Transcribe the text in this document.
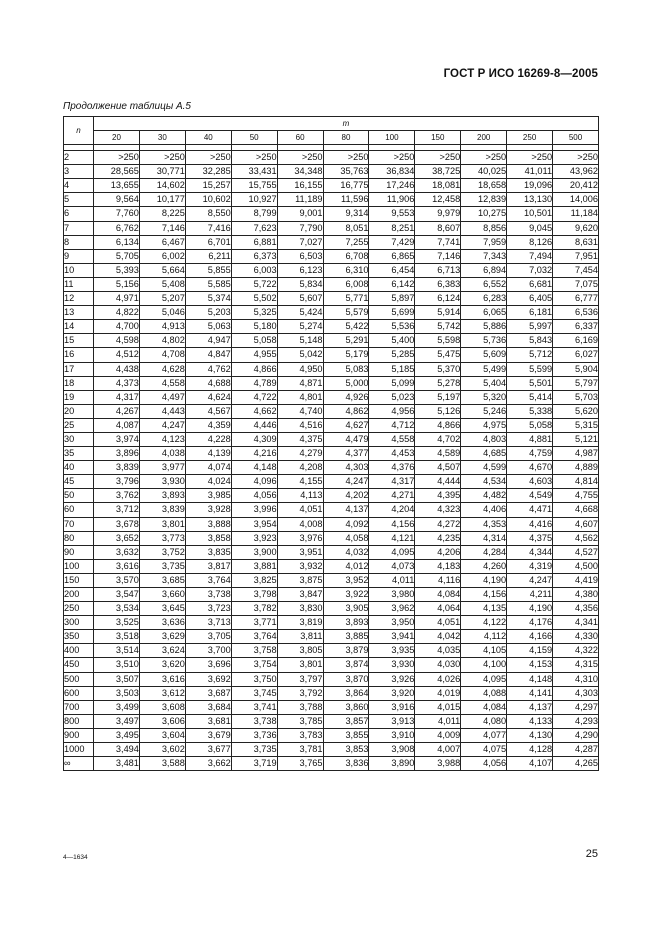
ГОСТ Р ИСО 16269-8—2005
Продолжение таблицы А.5
n	m										
	20	30	40	50	60	80	100	150	200	250	500

2	>250	>250	>250	>250	>250	>250	>250	>250	>250	>250	>250
3	28,565	30,771	32,285	33,431	34,348	35,763	36,834	38,725	40,025	41,011	43,962
4	13,655	14,602	15,257	15,755	16,155	16,775	17,246	18,081	18,658	19,096	20,412
5	9,564	10,177	10,602	10,927	11,189	11,596	11,906	12,458	12,839	13,130	14,006
6	7,760	8,225	8,550	8,799	9,001	9,314	9,553	9,979	10,275	10,501	11,184
7	6,762	7,146	7,416	7,623	7,790	8,051	8,251	8,607	8,856	9,045	9,620
8	6,134	6,467	6,701	6,881	7,027	7,255	7,429	7,741	7,959	8,126	8,631
9	5,705	6,002	6,211	6,373	6,503	6,708	6,865	7,146	7,343	7,494	7,951
10	5,393	5,664	5,855	6,003	6,123	6,310	6,454	6,713	6,894	7,032	7,454
11	5,156	5,408	5,585	5,722	5,834	6,008	6,142	6,383	6,552	6,681	7,075
12	4,971	5,207	5,374	5,502	5,607	5,771	5,897	6,124	6,283	6,405	6,777
13	4,822	5,046	5,203	5,325	5,424	5,579	5,699	5,914	6,065	6,181	6,536
14	4,700	4,913	5,063	5,180	5,274	5,422	5,536	5,742	5,886	5,997	6,337
15	4,598	4,802	4,947	5,058	5,148	5,291	5,400	5,598	5,736	5,843	6,169
16	4,512	4,708	4,847	4,955	5,042	5,179	5,285	5,475	5,609	5,712	6,027
17	4,438	4,628	4,762	4,866	4,950	5,083	5,185	5,370	5,499	5,599	5,904
18	4,373	4,558	4,688	4,789	4,871	5,000	5,099	5,278	5,404	5,501	5,797
19	4,317	4,497	4,624	4,722	4,801	4,926	5,023	5,197	5,320	5,414	5,703
20	4,267	4,443	4,567	4,662	4,740	4,862	4,956	5,126	5,246	5,338	5,620
25	4,087	4,247	4,359	4,446	4,516	4,627	4,712	4,866	4,975	5,058	5,315
30	3,974	4,123	4,228	4,309	4,375	4,479	4,558	4,702	4,803	4,881	5,121
35	3,896	4,038	4,139	4,216	4,279	4,377	4,453	4,589	4,685	4,759	4,987
40	3,839	3,977	4,074	4,148	4,208	4,303	4,376	4,507	4,599	4,670	4,889
45	3,796	3,930	4,024	4,096	4,155	4,247	4,317	4,444	4,534	4,603	4,814
50	3,762	3,893	3,985	4,056	4,113	4,202	4,271	4,395	4,482	4,549	4,755
60	3,712	3,839	3,928	3,996	4,051	4,137	4,204	4,323	4,406	4,471	4,668
70	3,678	3,801	3,888	3,954	4,008	4,092	4,156	4,272	4,353	4,416	4,607
80	3,652	3,773	3,858	3,923	3,976	4,058	4,121	4,235	4,314	4,375	4,562
90	3,632	3,752	3,835	3,900	3,951	4,032	4,095	4,206	4,284	4,344	4,527
100	3,616	3,735	3,817	3,881	3,932	4,012	4,073	4,183	4,260	4,319	4,500
150	3,570	3,685	3,764	3,825	3,875	3,952	4,011	4,116	4,190	4,247	4,419
200	3,547	3,660	3,738	3,798	3,847	3,922	3,980	4,084	4,156	4,211	4,380
250	3,534	3,645	3,723	3,782	3,830	3,905	3,962	4,064	4,135	4,190	4,356
300	3,525	3,636	3,713	3,771	3,819	3,893	3,950	4,051	4,122	4,176	4,341
350	3,518	3,629	3,705	3,764	3,811	3,885	3,941	4,042	4,112	4,166	4,330
400	3,514	3,624	3,700	3,758	3,805	3,879	3,935	4,035	4,105	4,159	4,322
450	3,510	3,620	3,696	3,754	3,801	3,874	3,930	4,030	4,100	4,153	4,315
500	3,507	3,616	3,692	3,750	3,797	3,870	3,926	4,026	4,095	4,148	4,310
600	3,503	3,612	3,687	3,745	3,792	3,864	3,920	4,019	4,088	4,141	4,303
700	3,499	3,608	3,684	3,741	3,788	3,860	3,916	4,015	4,084	4,137	4,297
800	3,497	3,606	3,681	3,738	3,785	3,857	3,913	4,011	4,080	4,133	4,293
900	3,495	3,604	3,679	3,736	3,783	3,855	3,910	4,009	4,077	4,130	4,290
1000	3,494	3,602	3,677	3,735	3,781	3,853	3,908	4,007	4,075	4,128	4,287
∞	3,481	3,588	3,662	3,719	3,765	3,836	3,890	3,988	4,056	4,107	4,265
4—1634	25
